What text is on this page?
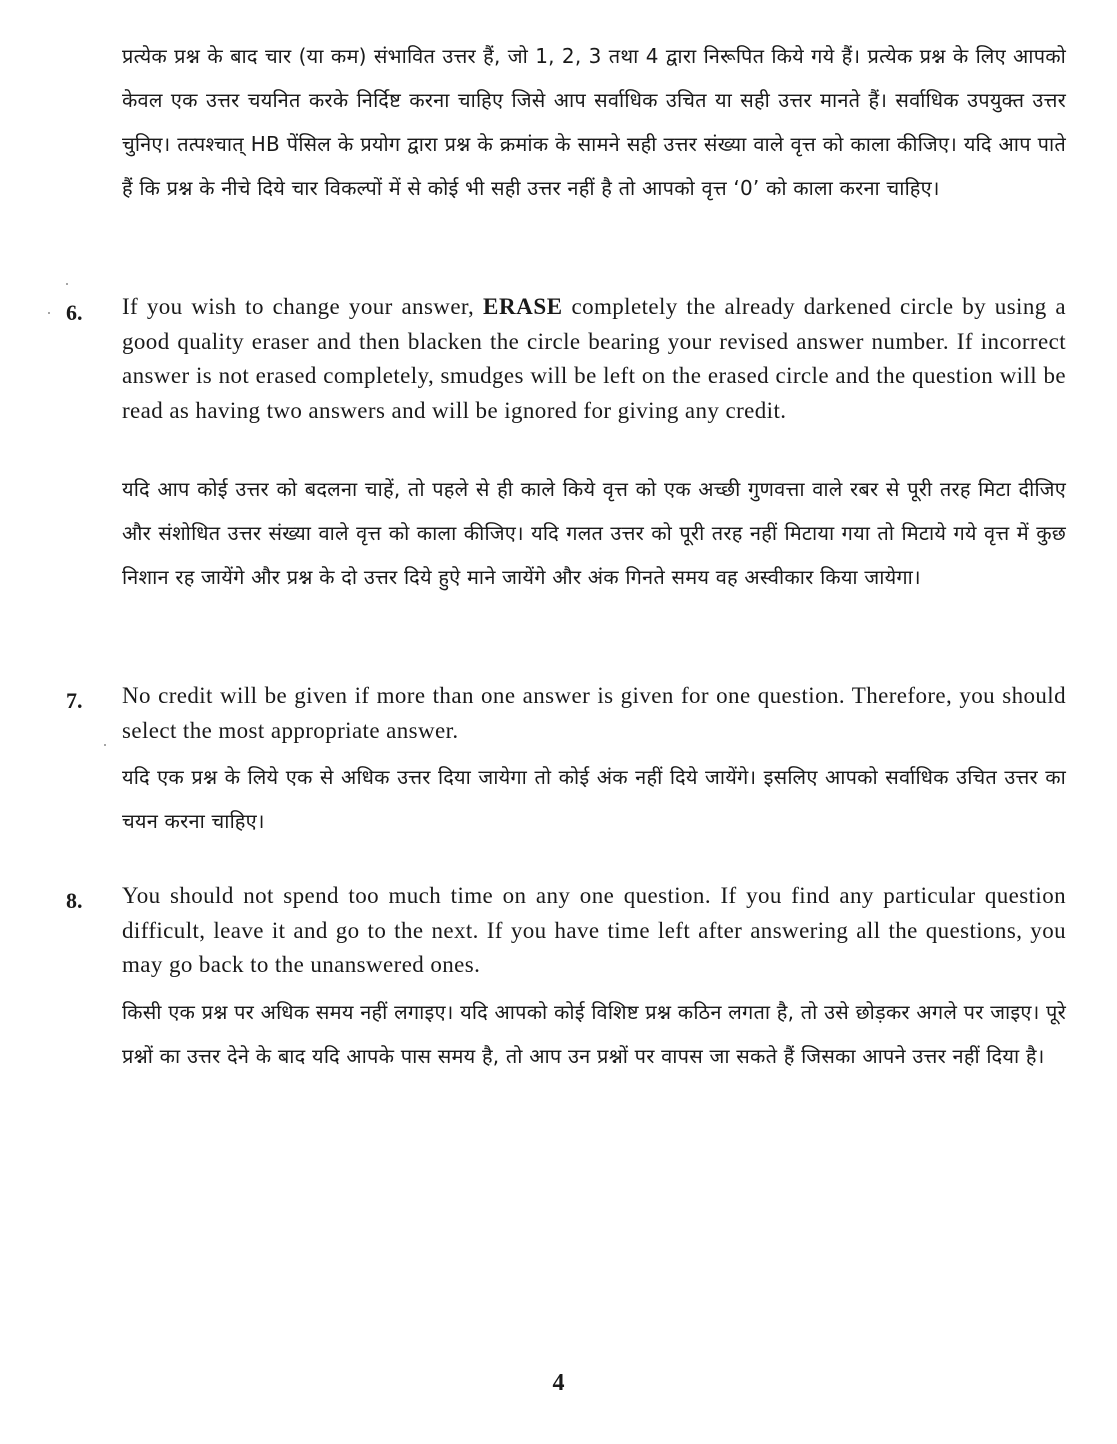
प्रत्येक प्रश्न के बाद चार (या कम) संभावित उत्तर हैं, जो 1, 2, 3 तथा 4 द्वारा निरूपित किये गये हैं। प्रत्येक प्रश्न के लिए आपको केवल एक उत्तर चयनित करके निर्दिष्ट करना चाहिए जिसे आप सर्वाधिक उचित या सही उत्तर मानते हैं। सर्वाधिक उपयुक्त उत्तर चुनिए। तत्पश्चात् HB पेंसिल के प्रयोग द्वारा प्रश्न के क्रमांक के सामने सही उत्तर संख्या वाले वृत्त को काला कीजिए। यदि आप पाते हैं कि प्रश्न के नीचे दिये चार विकल्पों में से कोई भी सही उत्तर नहीं है तो आपको वृत्त ‘0’ को काला करना चाहिए।
6. If you wish to change your answer, ERASE completely the already darkened circle by using a good quality eraser and then blacken the circle bearing your revised answer number. If incorrect answer is not erased completely, smudges will be left on the erased circle and the question will be read as having two answers and will be ignored for giving any credit.
यदि आप कोई उत्तर को बदलना चाहें, तो पहले से ही काले किये वृत्त को एक अच्छी गुणवत्ता वाले रबर से पूरी तरह मिटा दीजिए और संशोधित उत्तर संख्या वाले वृत्त को काला कीजिए। यदि गलत उत्तर को पूरी तरह नहीं मिटाया गया तो मिटाये गये वृत्त में कुछ निशान रह जायेंगे और प्रश्न के दो उत्तर दिये हुऐ माने जायेंगे और अंक गिनते समय वह अस्वीकार किया जायेगा।
7. No credit will be given if more than one answer is given for one question. Therefore, you should select the most appropriate answer.
यदि एक प्रश्न के लिये एक से अधिक उत्तर दिया जायेगा तो कोई अंक नहीं दिये जायेंगे। इसलिए आपको सर्वाधिक उचित उत्तर का चयन करना चाहिए।
8. You should not spend too much time on any one question. If you find any particular question difficult, leave it and go to the next. If you have time left after answering all the questions, you may go back to the unanswered ones.
किसी एक प्रश्न पर अधिक समय नहीं लगाइए। यदि आपको कोई विशिष्ट प्रश्न कठिन लगता है, तो उसे छोड़कर अगले पर जाइए। पूरे प्रश्नों का उत्तर देने के बाद यदि आपके पास समय है, तो आप उन प्रश्नों पर वापस जा सकते हैं जिसका आपने उत्तर नहीं दिया है।
4
